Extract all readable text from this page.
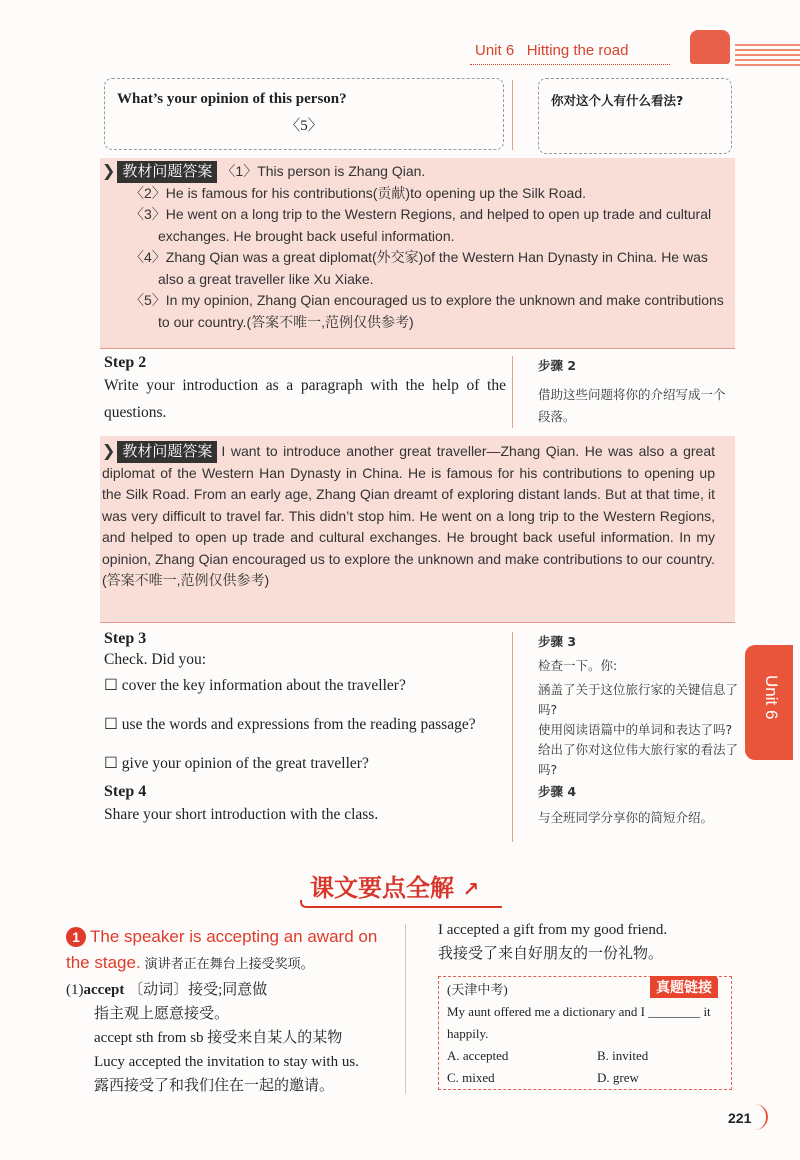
Unit 6 Hitting the road
What’s your opinion of this person?
〈5〉
你对这个人有什么看法?
❯ 教材问题答案 〈1〉This person is Zhang Qian.
〈2〉He is famous for his contributions(贡献)to opening up the Silk Road.
〈3〉He went on a long trip to the Western Regions, and helped to open up trade and cultural exchanges. He brought back useful information.
〈4〉Zhang Qian was a great diplomat(外交家)of the Western Han Dynasty in China. He was also a great traveller like Xu Xiake.
〈5〉In my opinion, Zhang Qian encouraged us to explore the unknown and make contributions to our country.(答案不唯一,范例仅供参考)
Step 2
Write your introduction as a paragraph with the help of the questions.
步骤 2
借助这些问题将你的介绍写成一个段落。
❯ 教材问题答案 I want to introduce another great traveller—Zhang Qian. He was also a great diplomat of the Western Han Dynasty in China. He is famous for his contributions to opening up the Silk Road. From an early age, Zhang Qian dreamt of exploring distant lands. But at that time, it was very difficult to travel far. This didn’t stop him. He went on a long trip to the Western Regions, and helped to open up trade and cultural exchanges. He brought back useful information. In my opinion, Zhang Qian encouraged us to explore the unknown and make contributions to our country.(答案不唯一,范例仅供参考)
Step 3
Check. Did you:
☐ cover the key information about the traveller?
☐ use the words and expressions from the reading passage?
☐ give your opinion of the great traveller?
Step 4
Share your short introduction with the class.
步骤 3
检查一下。你:
涵盖了关于这位旅行家的关键信息了吗?
使用阅读语篇中的单词和表达了吗?
给出了你对这位伟大旅行家的看法了吗?
步骤 4
与全班同学分享你的简短介绍。
Unit 6
课文要点全解 ↗
1 The speaker is accepting an award on the stage. 演讲者正在舞台上接受奖项。
(1)accept 〔动词〕接受;同意做
指主观上愿意接受。
accept sth from sb 接受来自某人的某物
Lucy accepted the invitation to stay with us.
露西接受了和我们住在一起的邀请。
I accepted a gift from my good friend.
我接受了来自好朋友的一份礼物。
(天津中考)
My aunt offered me a dictionary and I ________ it happily.
A. accepted	B. invited
C. mixed	D. grew
真题链接
221
